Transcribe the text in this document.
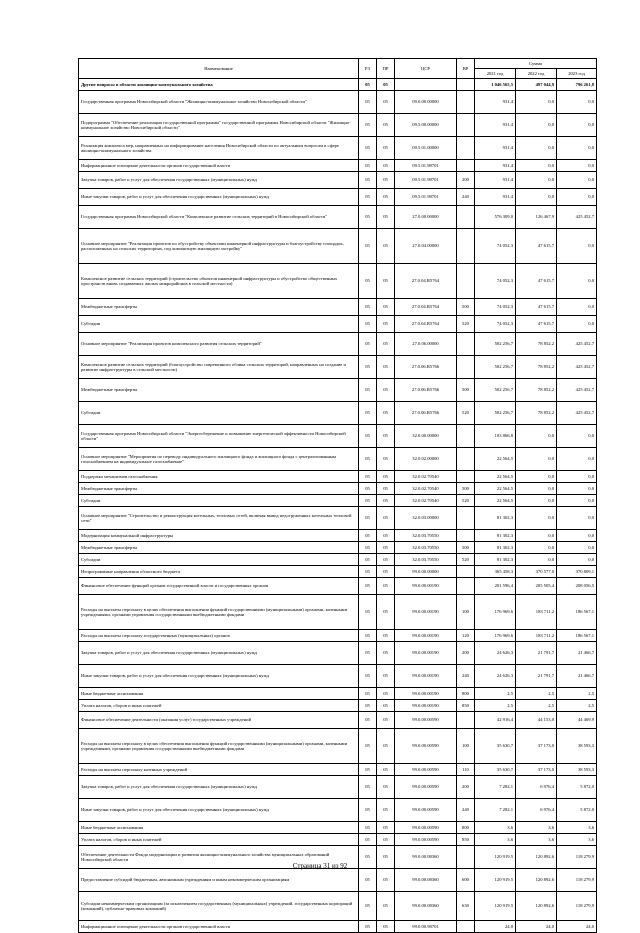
Наименование	РЗ	ПР	ЦСР	ВР	Сумма		
					2021 год	2022 год	2023 год
Другие вопросы в области жилищно-коммунального хозяйства	05	05			1 046 565,5	497 044,9	796 261,8
Государственная программа Новосибирской области "Жилищно-коммунальное хозяйство Новосибирской области"	05	05	09.0.00.00000		931,4	0,0	0,0
Подпрограмма "Обеспечение реализации государственной программы" государственной программы Новосибирской области "Жилищно-коммунальное хозяйство Новосибирской области"	05	05	09.5.00.00000		931,4	0,0	0,0
Реализация комплекса мер, направленных на информирование населения Новосибирской области по актуальным вопросам в сфере жилищно-коммунального хозяйства	05	05	09.5.01.00000		931,4	0,0	0,0
Информационное освещение деятельности органов государственной власти	05	05	09.5.01.98701		931,4	0,0	0,0
Закупка товаров, работ и услуг для обеспечения государственных (муниципальных) нужд	05	05	09.5.01.98701	200	931,4	0,0	0,0
Иные закупки товаров, работ и услуг для обеспечения государственных (муниципальных) нужд	05	05	09.5.01.98701	240	931,4	0,0	0,0
Государственная программа Новосибирской области "Комплексное развитие сельских территорий в Новосибирской области"	05	05	27.0.00.00000		576 309,0	126 467,9	425 452,7
Основное мероприятие "Реализация проектов по обустройству объектами инженерной инфраструктуры и благоустройству площадок, расположенных на сельских территориях, под компактную жилищную застройку"	05	05	27.0.04.00000		74 052,3	47 615,7	0,0
Комплексное развитие сельских территорий (строительство объектов инженерной инфраструктуры и обустройство общественных пространств вновь создаваемых жилых микрорайонов в сельской местности)	05	05	27.0.04.R5764		74 052,3	47 615,7	0,0
Межбюджетные трансферты	05	05	27.0.04.R5764	500	74 052,3	47 615,7	0,0
Субсидии	05	05	27.0.04.R5764	520	74 052,3	47 615,7	0,0
Основное мероприятие "Реализация проектов комплексного развития сельских территорий"	05	05	27.0.06.00000		502 256,7	78 852,2	425 452,7
Комплексное развитие сельских территорий (благоустройство современного облика сельских территорий, направленных на создание и развитие инфраструктуры в сельской местности)	05	05	27.0.06.R5766		502 256,7	78 852,2	425 452,7
Межбюджетные трансферты	05	05	27.0.06.R5766	500	502 256,7	78 852,2	425 452,7
Субсидии	05	05	27.0.06.R5766	520	502 256,7	78 852,2	425 452,7
Государственная программа Новосибирской области "Энергосбережение и повышение энергетической эффективности Новосибирской области"	05	05	32.0.00.00000		103 866,8	0,0	0,0
Основное мероприятие "Мероприятия по переводу индивидуального жилищного фонда и жилищного фонда с централизованным газоснабжением на индивидуальное газоснабжение"	05	05	32.0.02.00000		22 564,5	0,0	0,0
Поддержка механизмов газоснабжения	05	05	32.0.02.70540		22 564,5	0,0	0,0
Межбюджетные трансферты	05	05	32.0.02.70540	500	22 564,5	0,0	0,0
Субсидии	05	05	32.0.02.70540	520	22 564,5	0,0	0,0
Основное мероприятие "Строительство и реконструкция котельных, тепловых сетей, включая вывод недогруженных котельных тепловой сети"	05	05	32.0.03.00000		81 302,3	0,0	0,0
Модернизация коммунальной инфраструктуры	05	05	32.0.03.70550		81 302,3	0,0	0,0
Межбюджетные трансферты	05	05	32.0.03.70550	500	81 302,3	0,0	0,0
Субсидии	05	05	32.0.03.70550	520	81 302,3	0,0	0,0
Непрограммные направления областного бюджета	05	05	99.0.00.00000		365 458,3	370 577,0	370 809,1
Финансовое обеспечение функций органов государственной власти и государственных органов	05	05	99.0.00.00190		201 596,4	205 505,4	208 056,5
Расходы на выплаты персоналу в целях обеспечения выполнения функций государственными (муниципальными) органами, казенными учреждениями, органами управления государственными внебюджетными фондами	05	05	99.0.00.00190	100	176 969,6	183 711,2	186 567,1
Расходы на выплаты персоналу государственных (муниципальных) органов	05	05	99.0.00.00190	120	176 969,6	183 711,2	186 567,1
Закупка товаров, работ и услуг для обеспечения государственных (муниципальных) нужд	05	05	99.0.00.00190	200	24 626,3	21 791,7	21 466,7
Иные закупки товаров, работ и услуг для обеспечения государственных (муниципальных) нужд	05	05	99.0.00.00190	240	24 626,3	21 791,7	21 466,7
Иные бюджетные ассигнования	05	05	99.0.00.00190	800	2,5	2,5	2,5
Уплата налогов, сборов и иных платежей	05	05	99.0.00.00190	850	2,5	2,5	2,5
Финансовое обеспечение деятельности (оказания услуг) государственных учреждений	05	05	99.0.00.00590		42 916,4	44 153,0	44 469,9
Расходы на выплаты персоналу в целях обеспечения выполнения функций государственными (муниципальными) органами, казенными учреждениями, органами управления государственными внебюджетными фондами	05	05	99.0.00.00590	100	35 630,7	37 173,0	38 593,3
Расходы на выплаты персоналу казенных учреждений	05	05	99.0.00.00590	110	35 630,7	37 173,0	38 593,3
Закупка товаров, работ и услуг для обеспечения государственных (муниципальных) нужд	05	05	99.0.00.00590	200	7 282,1	6 976,4	5 872,0
Иные закупки товаров, работ и услуг для обеспечения государственных (муниципальных) нужд	05	05	99.0.00.00590	240	7 282,1	6 976,4	5 872,0
Иные бюджетные ассигнования	05	05	99.0.00.00590	800	3,6	3,6	3,6
Уплата налогов, сборов и иных платежей	05	05	99.0.00.00590	850	3,6	3,6	3,6
Обеспечение деятельности Фонда модернизации и развития жилищно-коммунального хозяйства муниципальных образований Новосибирской области	05	05	99.0.00.08360		120 919,5	120 892,6	118 279,9
Предоставление субсидий бюджетным, автономным учреждениям и иным некоммерческим организациям	05	05	99.0.00.08360	600	120 919,5	120 892,6	118 279,9
Субсидии некоммерческим организациям (за исключением государственных (муниципальных) учреждений, государственных корпораций (компаний), публично-правовых компаний)	05	05	99.0.00.08360	630	120 919,5	120 892,6	118 279,9
Информационное освещение деятельности органов государственной власти	05	05	99.0.00.98701		24,0	24,0	24,0
Страница 31 из 92
